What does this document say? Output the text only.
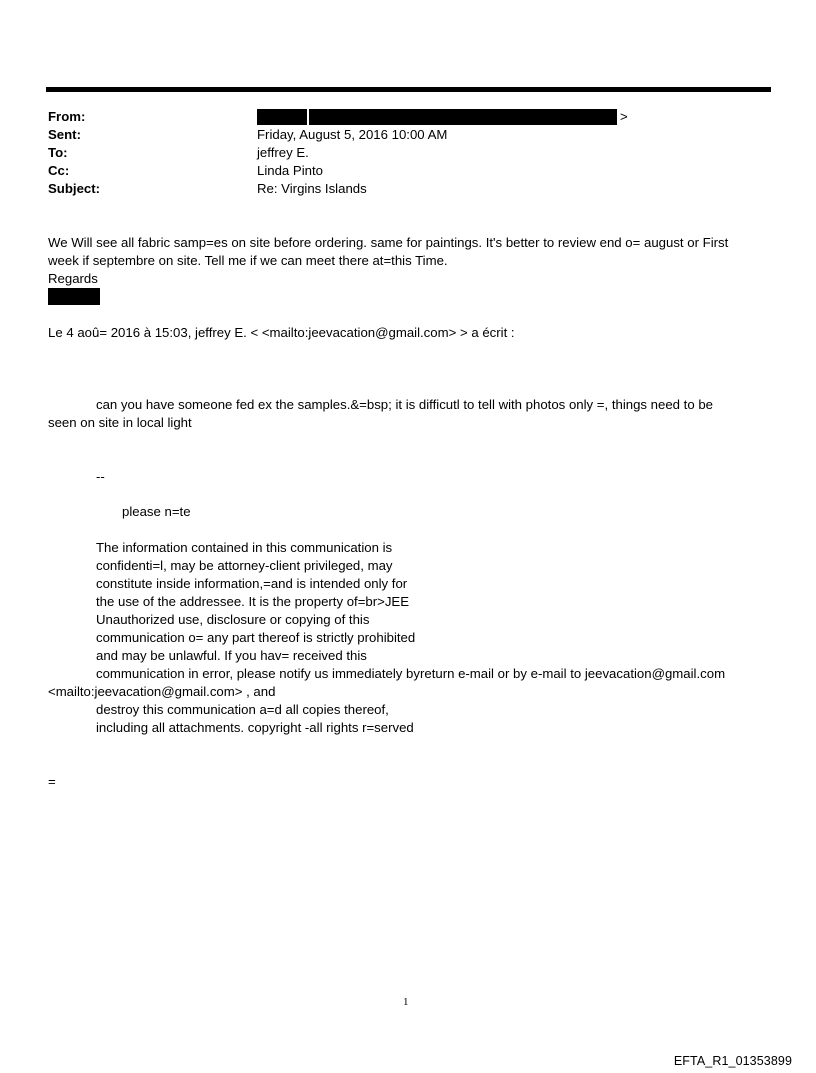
From:	>
Sent:	Friday, August 5, 2016 10:00 AM
To:	jeffrey E.
Cc:	Linda Pinto
Subject:	Re: Virgins Islands
We Will see all fabric samp=es on site before ordering. same for paintings. It's better to review end o= august or First
week if septembre on site. Tell me if we can meet there at=this Time.
Regards
Le 4 aoû= 2016 à 15:03, jeffrey E. < <mailto:jeevacation@gmail.com> > a écrit :
can you have someone fed ex the samples.&=bsp; it is difficutl to tell with photos only =, things need to be
seen on site in local light
--
please n=te
The information contained in this communication is
confidenti=l, may be attorney-client privileged, may
constitute inside information,=and is intended only for
the use of the addressee. It is the property of=br>JEE
Unauthorized use, disclosure or copying of this
communication o= any part thereof is strictly prohibited
and may be unlawful. If you hav= received this
communication in error, please notify us immediately byreturn e-mail or by e-mail to jeevacation@gmail.com
<mailto:jeevacation@gmail.com> , and
destroy this communication a=d all copies thereof,
including all attachments. copyright -all rights r=served
=
1
EFTA_R1_01353899
